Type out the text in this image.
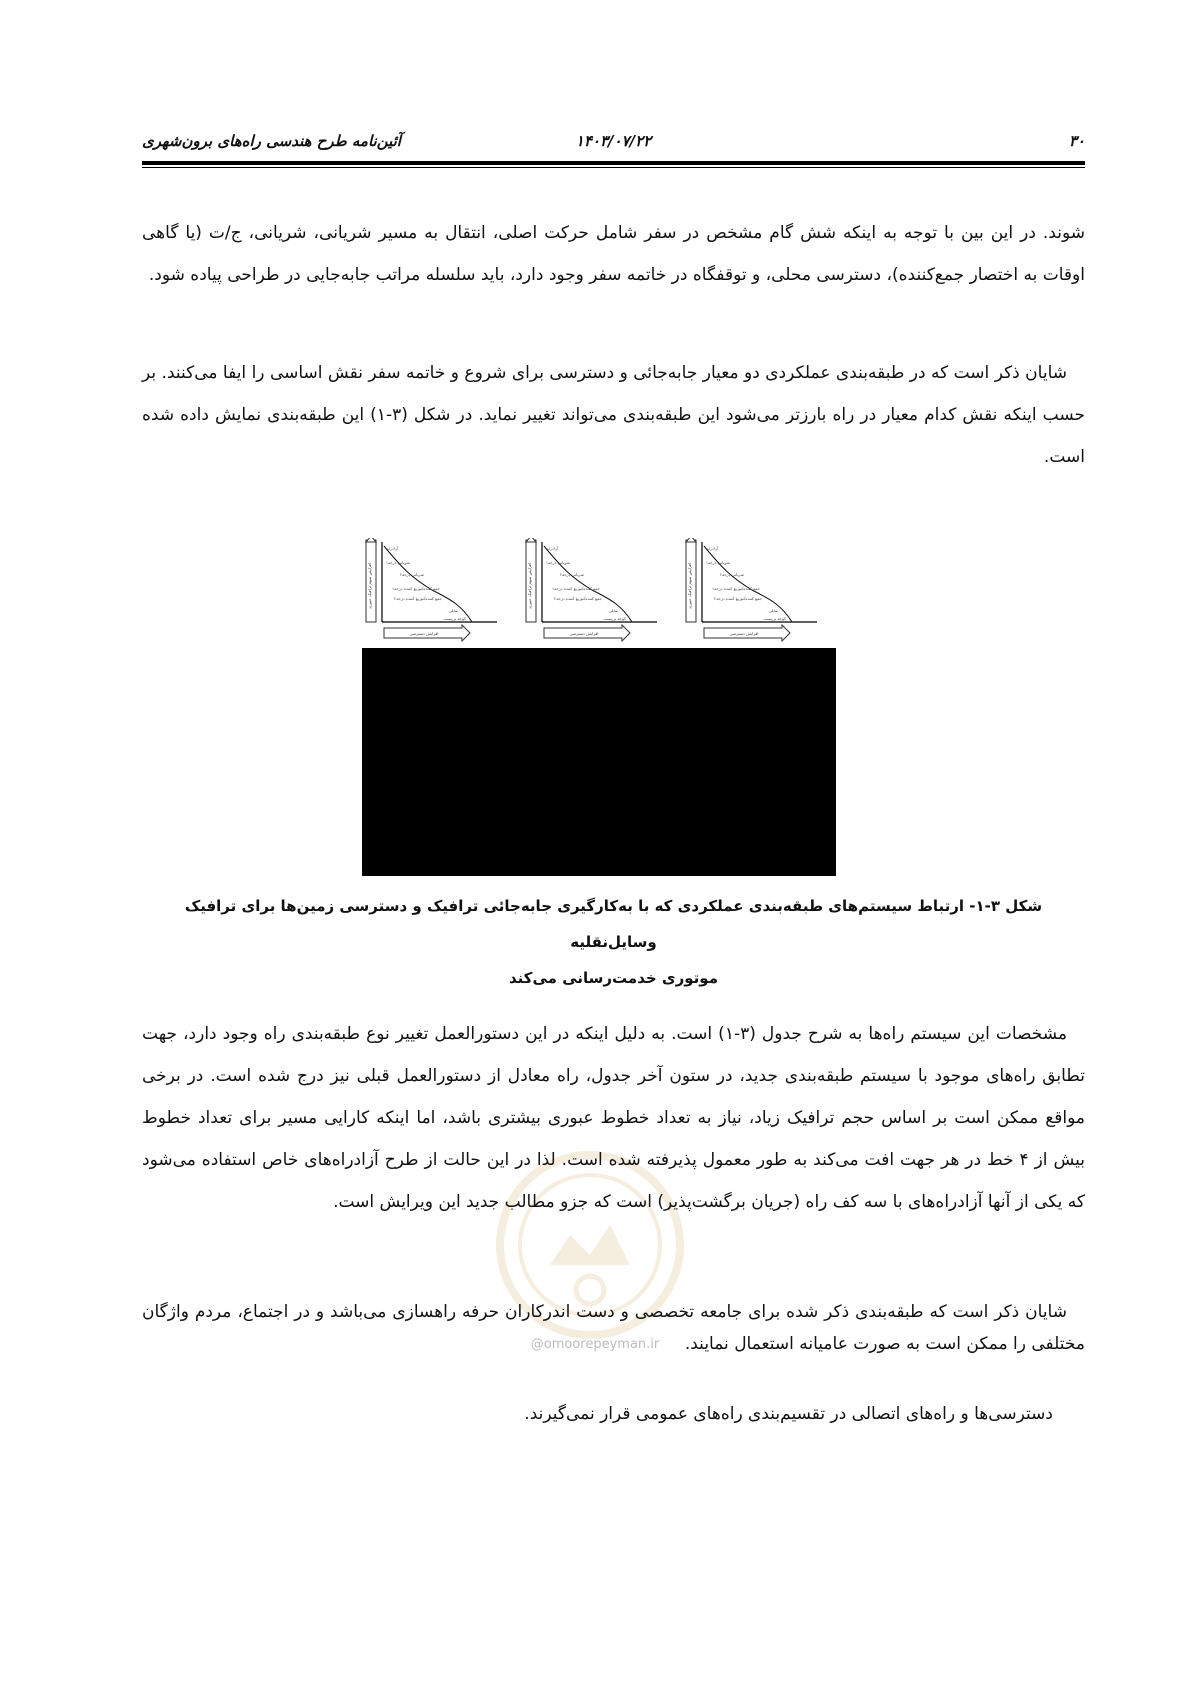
۳۰
۱۴۰۳/۰۷/۲۲
آئین‌نامه طرح هندسی راه‌های برون‌شهری

شوند. در این بین با توجه به اینکه شش گام مشخص در سفر شامل حرکت اصلی، انتقال به مسیر شریانی، شریانی، ج/ت (یا گاهی اوقات به اختصار جمع‌کننده)، دسترسی محلی، و توقفگاه در خاتمه سفر وجود دارد، باید سلسله مراتب جابه‌جایی در طراحی پیاده شود.

شایان ذکر است که در طبقه‌بندی عملکردی دو معیار جابه‌جائی و دسترسی برای شروع و خاتمه سفر نقش اساسی را ایفا می‌کنند. بر حسب اینکه نقش کدام معیار در راه بارزتر می‌شود این طبقه‌بندی می‌تواند تغییر نماید. در شکل (۳-۱) این طبقه‌بندی نمایش داده شده است.

افزایش سهم ترافیک عبوری
آزادراه
شریانی درجه۱
شریانی درجه۲
جمع کننده/توزیع کننده درجه۱
جمع کننده/توزیع کننده درجه۲
محلی
کوچه بن‌بست
افزایش دسترسی
افزایش سهم ترافیک عبوری
آزادراه
شریانی درجه۱
شریانی درجه۲
جمع کننده/توزیع کننده درجه۱
جمع کننده/توزیع کننده درجه۲
محلی
کوچه بن‌بست
افزایش دسترسی
افزایش سهم ترافیک عبوری
آزادراه
شریانی درجه۱
شریانی درجه۲
جمع کننده/توزیع کننده درجه۱
جمع کننده/توزیع کننده درجه۲
محلی
کوچه بن‌بست
افزایش دسترسی

شکل ۳-۱- ارتباط سیستم‌های طبقه‌بندی عملکردی که با به‌کارگیری جابه‌جائی ترافیک و دسترسی زمین‌ها برای ترافیک وسایل‌نقلیه
موتوری خدمت‌رسانی می‌کند

@omoorepeyman.ir

مشخصات این سیستم راه‌ها به شرح جدول (۳-۱) است. به دلیل اینکه در این دستورالعمل تغییر نوع طبقه‌بندی راه وجود دارد، جهت تطابق راه‌های موجود با سیستم طبقه‌بندی جدید، در ستون آخر جدول، راه معادل از دستورالعمل قبلی نیز درج شده است. در برخی مواقع ممکن است بر اساس حجم ترافیک زیاد، نیاز به تعداد خطوط عبوری بیشتری باشد، اما اینکه کارایی مسیر برای تعداد خطوط بیش از ۴ خط در هر جهت افت می‌کند به طور معمول پذیرفته شده است. لذا در این حالت از طرح آزادراه‌های خاص استفاده می‌شود که یکی از آنها آزادراه‌های با سه کف راه (جریان برگشت‌پذیر) است که جزو مطالب جدید این ویرایش است.

شایان ذکر است که طبقه‌بندی ذکر شده برای جامعه تخصصی و دست اندرکاران حرفه راهسازی می‌باشد و در اجتماع، مردم واژگان مختلفی را ممکن است به صورت عامیانه استعمال نمایند.

دسترسی‌ها و راه‌های اتصالی در تقسیم‌بندی راه‌های عمومی قرار نمی‌گیرند.
